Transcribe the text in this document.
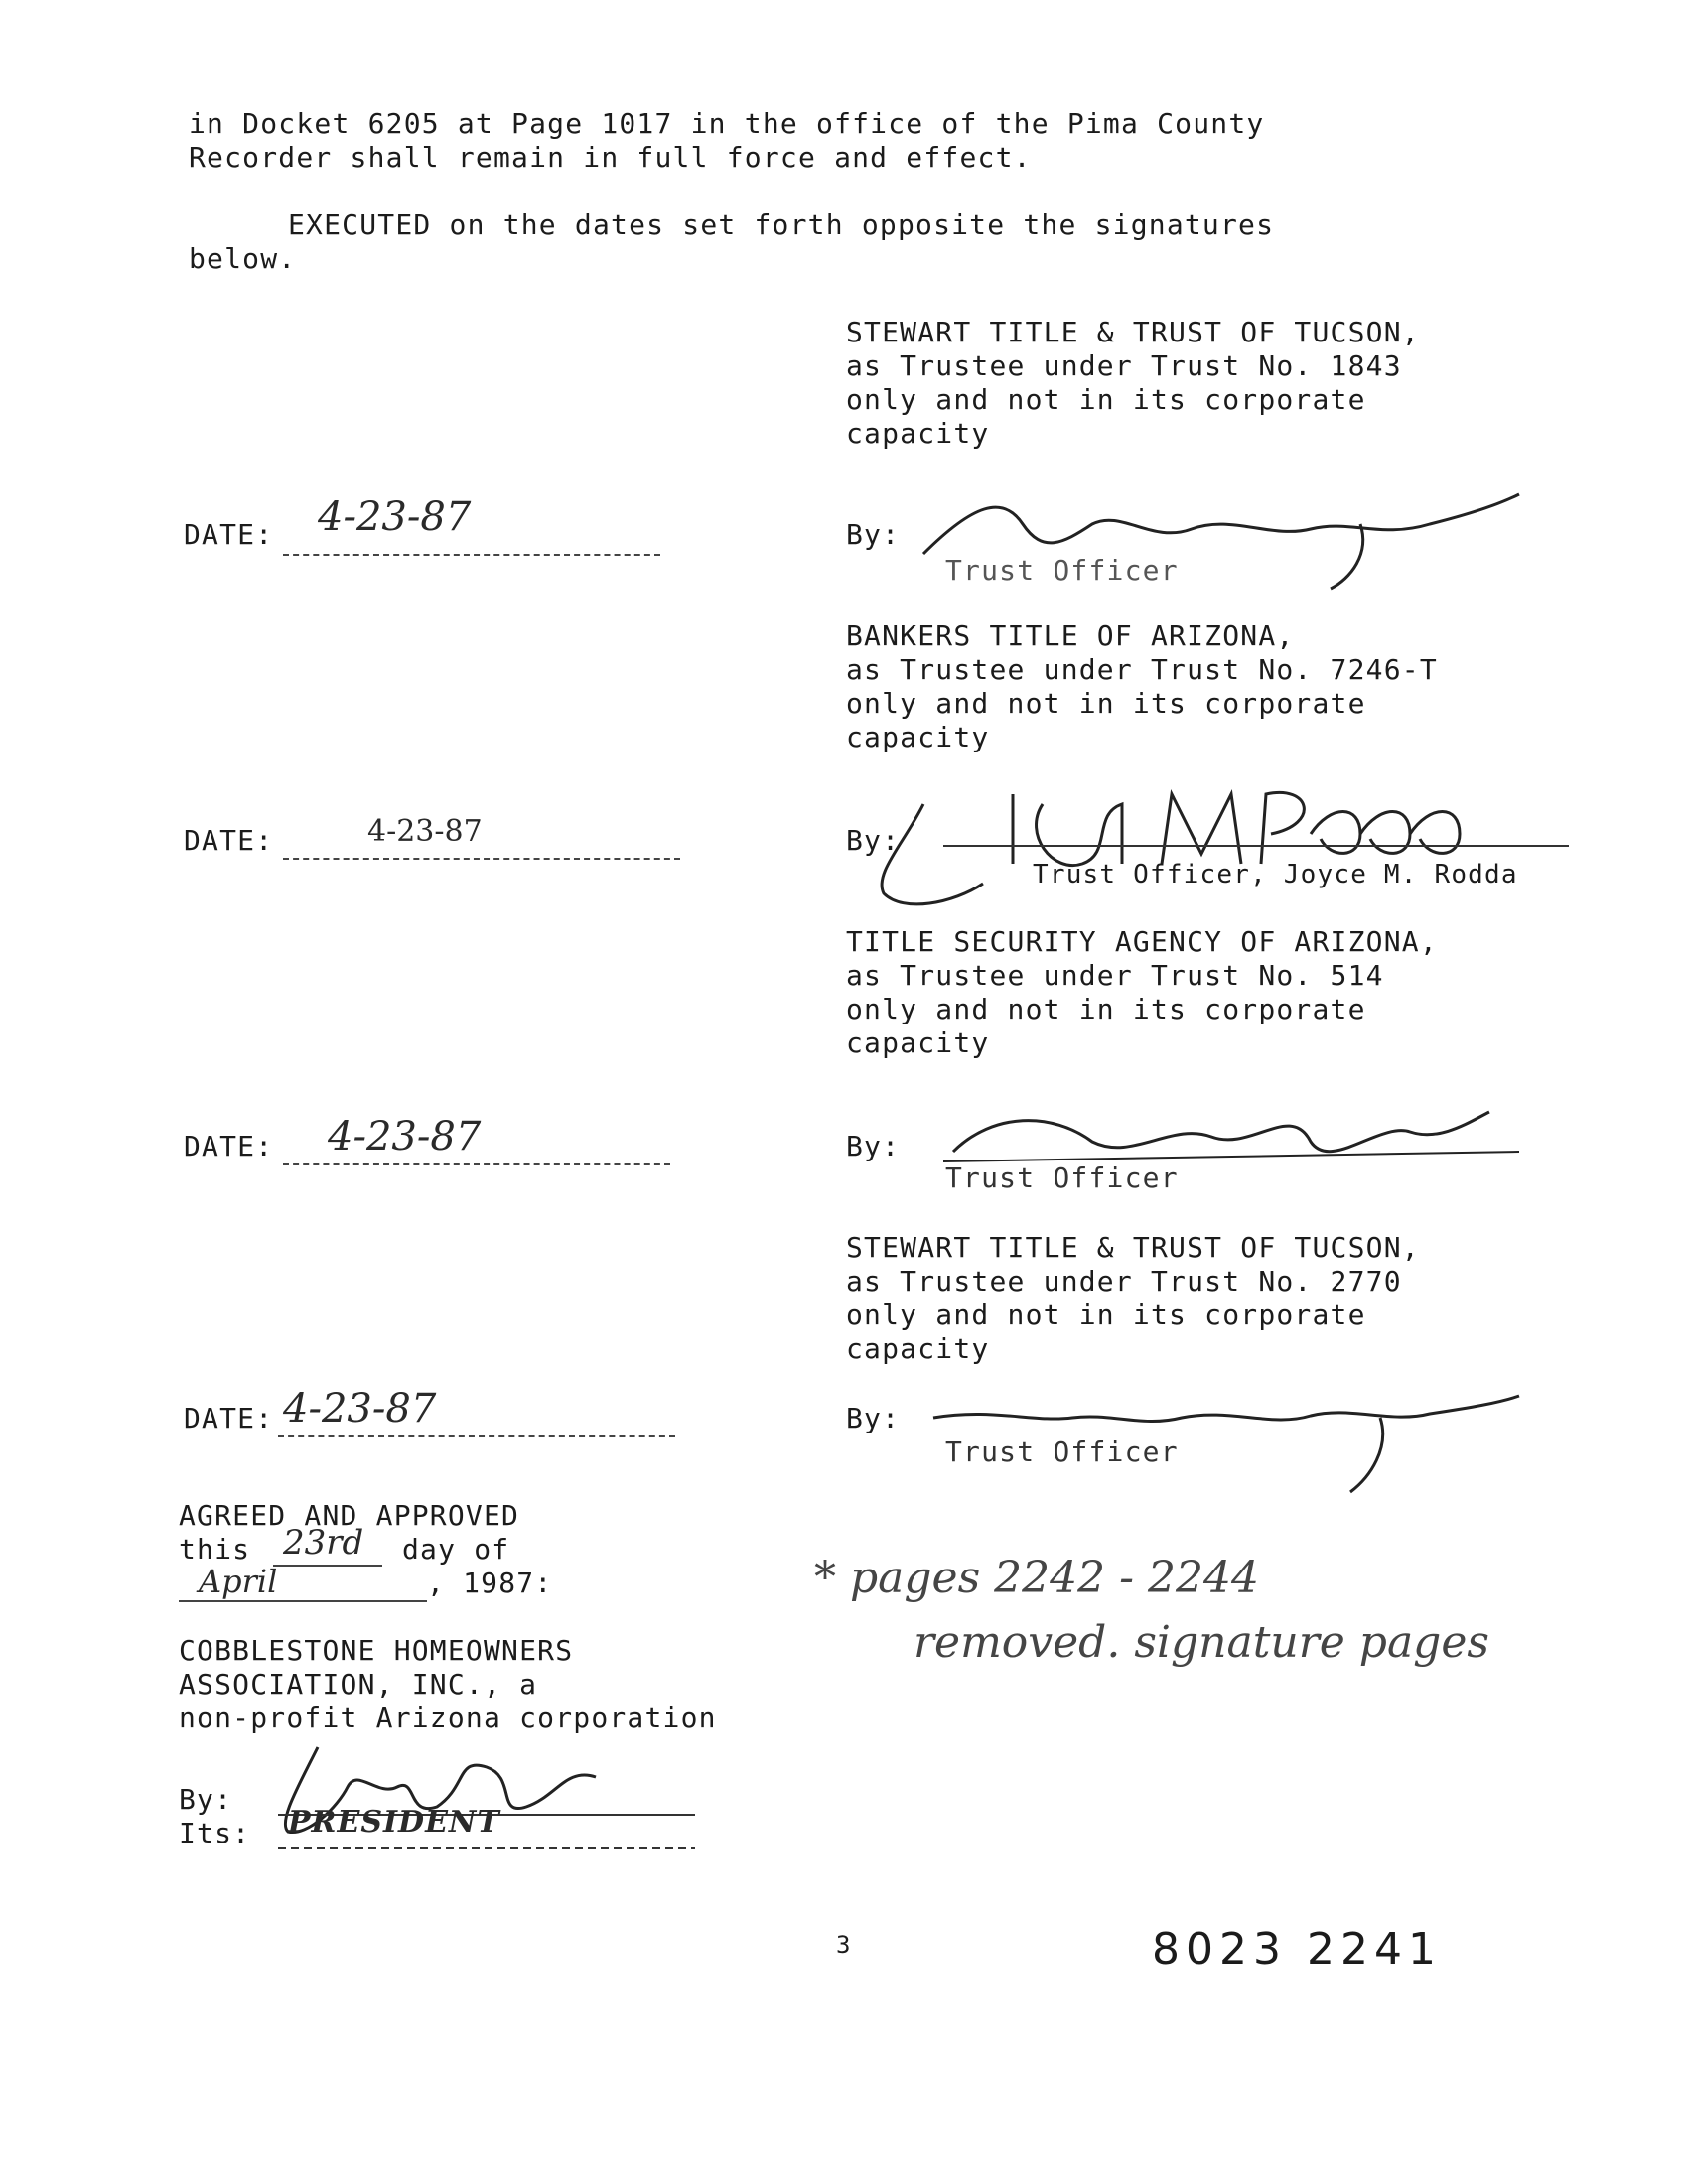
in Docket 6205 at Page 1017 in the office of the Pima County
Recorder shall remain in full force and effect.
EXECUTED on the dates set forth opposite the signatures
below.
STEWART TITLE & TRUST OF TUCSON,
as Trustee under Trust No. 1843
only and not in its corporate
capacity
DATE: 4-23-87	By:
Trust Officer
BANKERS TITLE OF ARIZONA,
as Trustee under Trust No. 7246-T
only and not in its corporate
capacity
DATE:	4-23-87	By:
Trust Officer, Joyce M. Rodda
TITLE SECURITY AGENCY OF ARIZONA,
as Trustee under Trust No. 514
only and not in its corporate
capacity
DATE: 4-23-87	By:
Trust Officer
STEWART TITLE & TRUST OF TUCSON,
as Trustee under Trust No. 2770
only and not in its corporate
capacity
DATE: 4-23-87	By:
Trust Officer
AGREED AND APPROVED
this 23rd day of
April	, 1987:
COBBLESTONE HOMEOWNERS
ASSOCIATION, INC., a
non-profit Arizona corporation
By:
Its: PRESIDENT
* pages 2242 - 2244
removed. signature pages
3	8023 2241
